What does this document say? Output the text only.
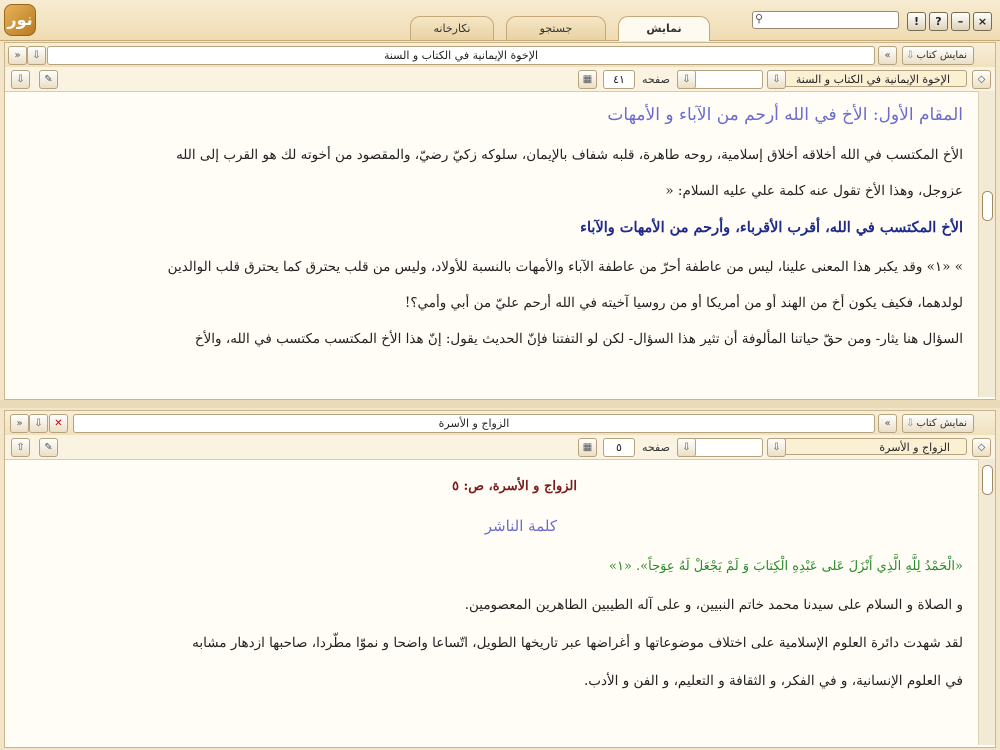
نور	نكارخانه	جستجو	نمايش
⚲	! ? – ×
⇩ نمايش كتاب
«
الإخوة الإيمانية في الكتاب و السنة
⇩
»
◇
الإخوة الإيمانية في الكتاب و السنة
⇩
⇩
صفحه
٤١
▦
✎
⇩
المقام الأول: الأخ في الله أرحم من الآباء و الأمهات
الأخ المكتسب في الله أخلاقه أخلاق إسلامية، روحه طاهرة، قلبه شفاف بالإيمان، سلوكه زكيّ رضيّ، والمقصود من أخوته لك هو القرب إلى الله
عزوجل، وهذا الأخ تقول عنه كلمة علي عليه السلام: «
الأخ المكتسب في الله، أقرب الأقرباء، وأرحم من الأمهات والآباء
» «١» وقد يكبر هذا المعنى علينا، ليس من عاطفة أحرّ من عاطفة الآباء والأمهات بالنسبة للأولاد، وليس من قلب يحترق كما يحترق قلب الوالدين
لولدهما، فكيف يكون أخ من الهند أو من أمريكا أو من روسيا آخيته في الله أرحم عليّ من أبي وأمي؟!
السؤال هنا يثار- ومن حقّ حياتنا المألوفة أن تثير هذا السؤال- لكن لو التفتنا فإنّ الحديث يقول: إنّ هذا الأخ المكتسب مكتسب في الله، والأخ
⇩ نمايش كتاب
«
الزواج و الأسرة
✕
⇩
»
◇
الزواج و الأسرة
⇩
⇩
صفحه
٥
▦
✎
⇧
الزواج و الأسرة، ص: ٥
كلمة الناشر
«الْحَمْدُ لِلَّهِ الَّذِي أَنْزَلَ عَلى عَبْدِهِ الْكِتابَ وَ لَمْ يَجْعَلْ لَهُ عِوَجاً». «١»
و الصلاة و السلام على سيدنا محمد خاتم النبيين، و على آله الطيبين الطاهرين المعصومين.
لقد شهدت دائرة العلوم الإسلامية على اختلاف موضوعاتها و أغراضها عبر تاريخها الطويل، اتّساعا واضحا و نموّا مطّردا، صاحبها ازدهار مشابه
في العلوم الإنسانية، و في الفكر، و الثقافة و التعليم، و الفن و الأدب.
